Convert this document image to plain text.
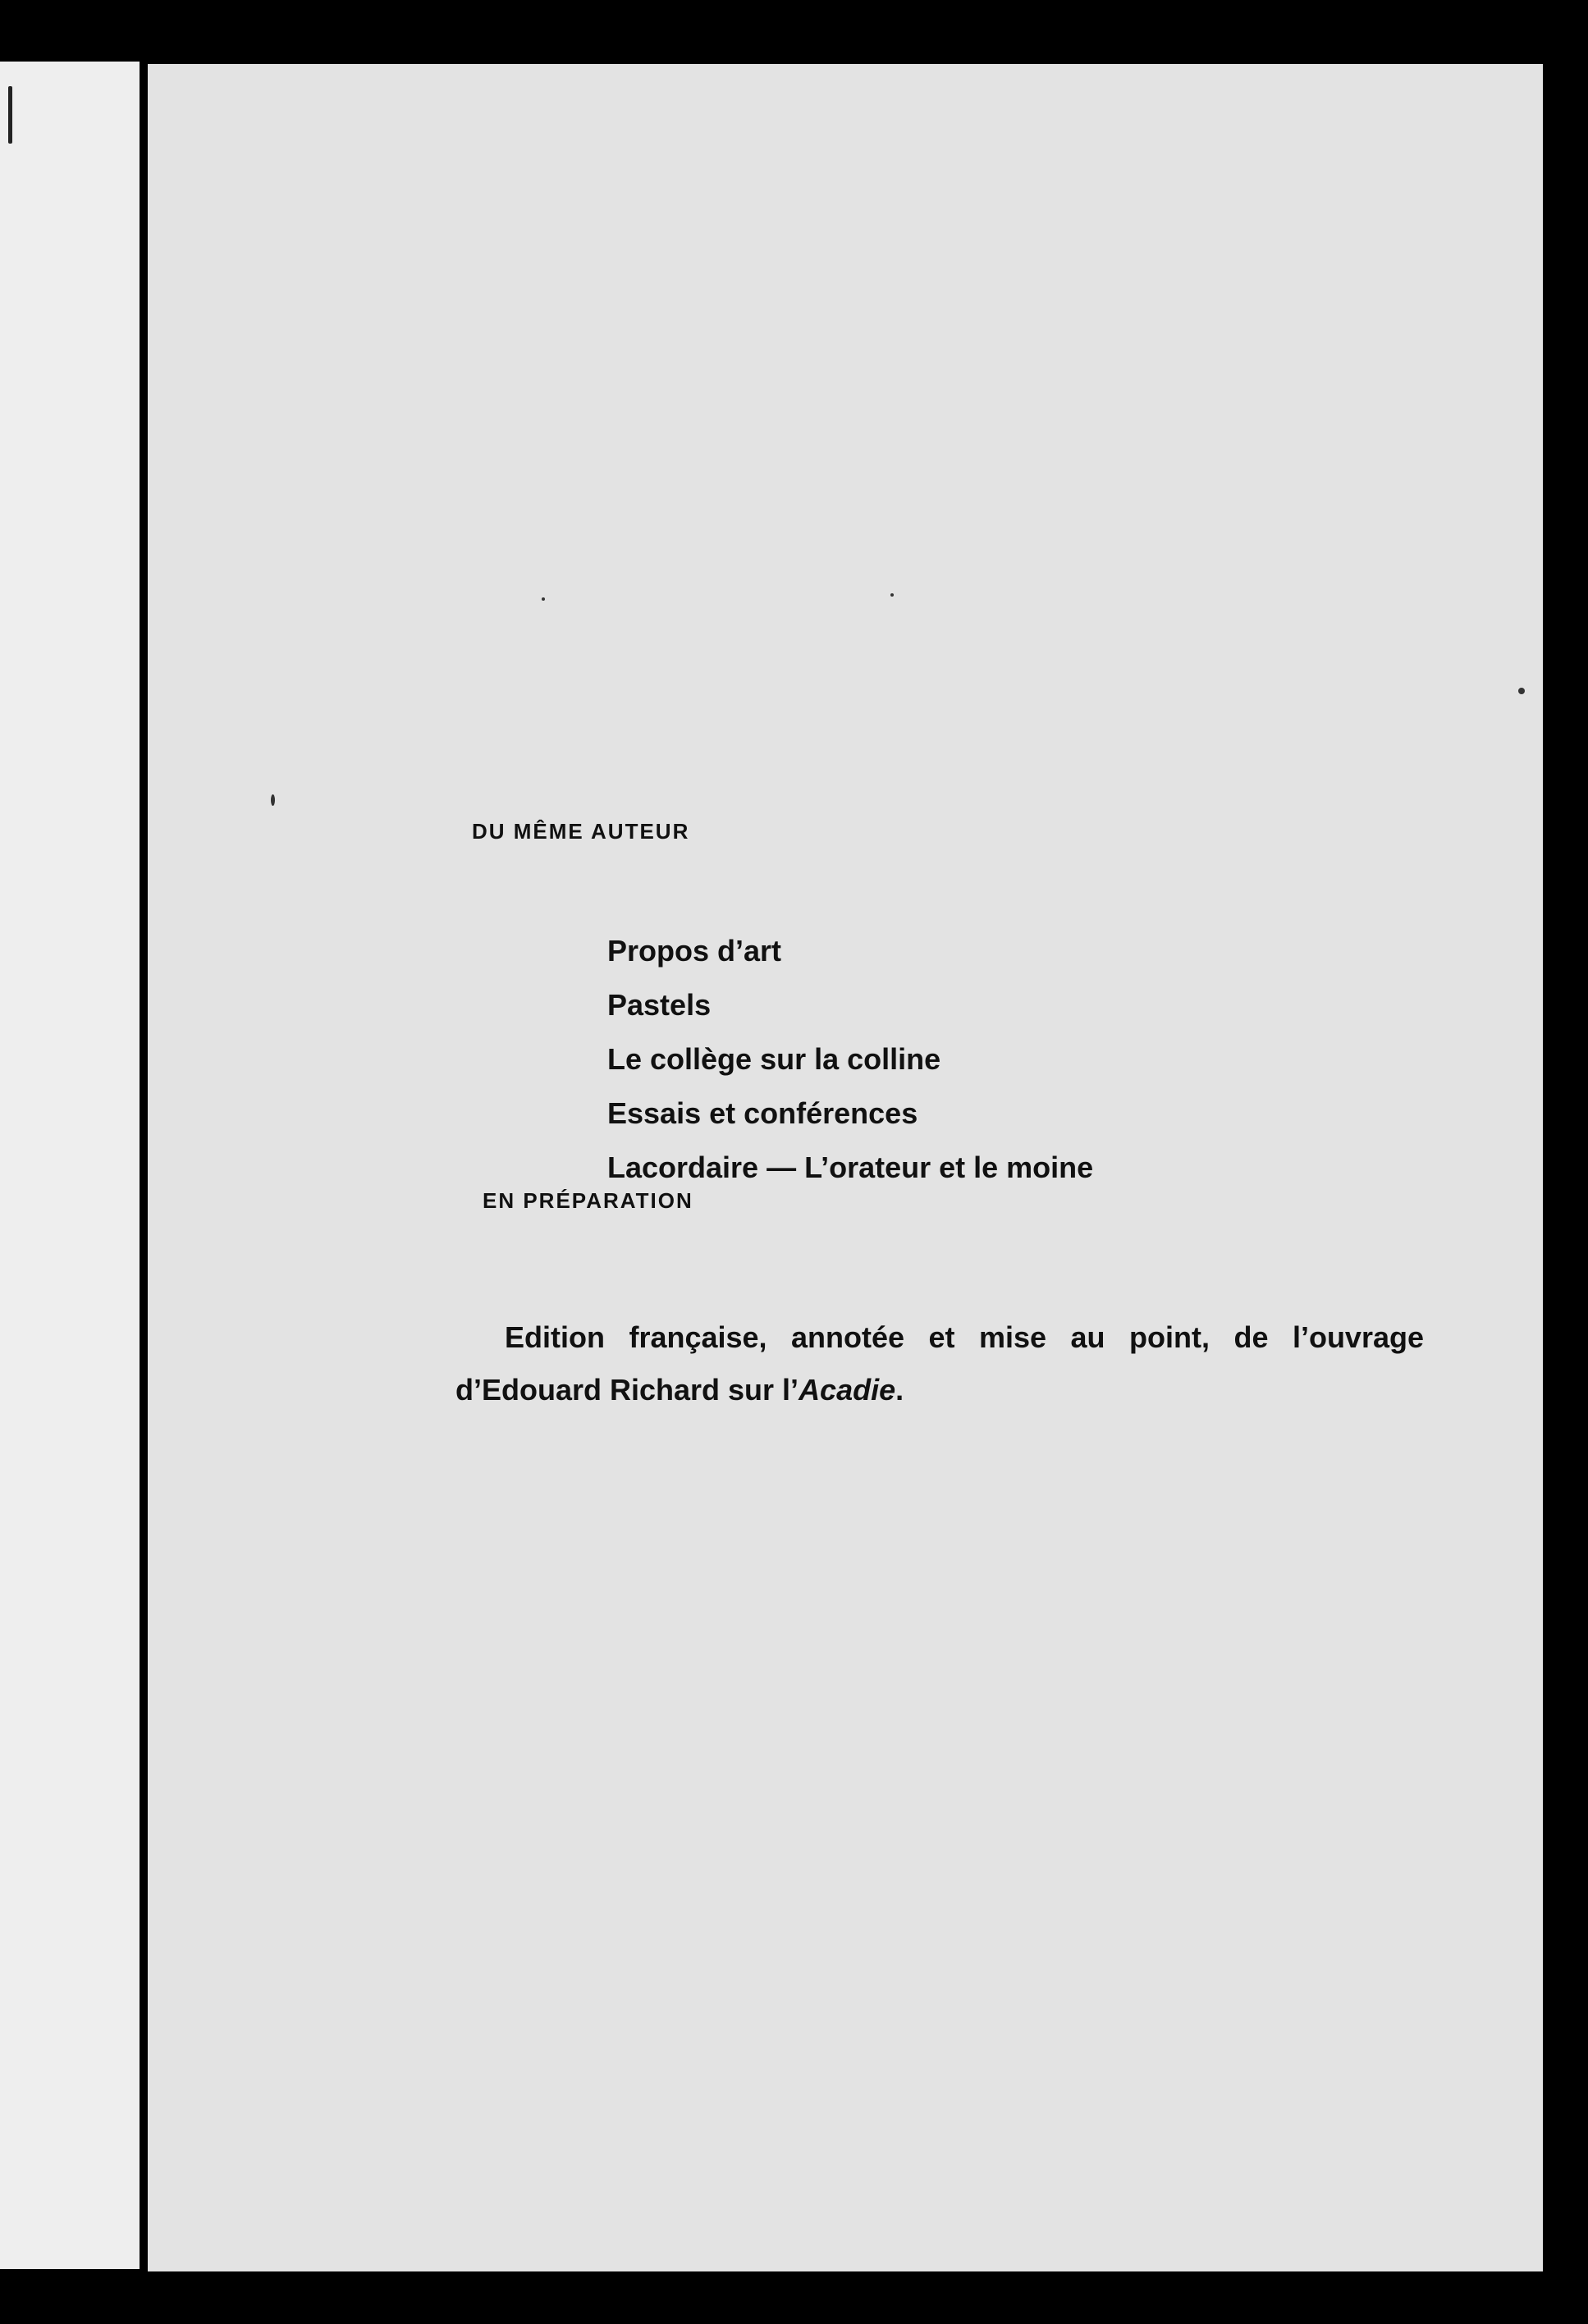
DU MÊME AUTEUR
Propos d’art
Pastels
Le collège sur la colline
Essais et conférences
Lacordaire — L’orateur et le moine
EN PRÉPARATION

Edition française, annotée et mise au point, de l’ouvrage d’Edouard Richard sur l’Acadie.
